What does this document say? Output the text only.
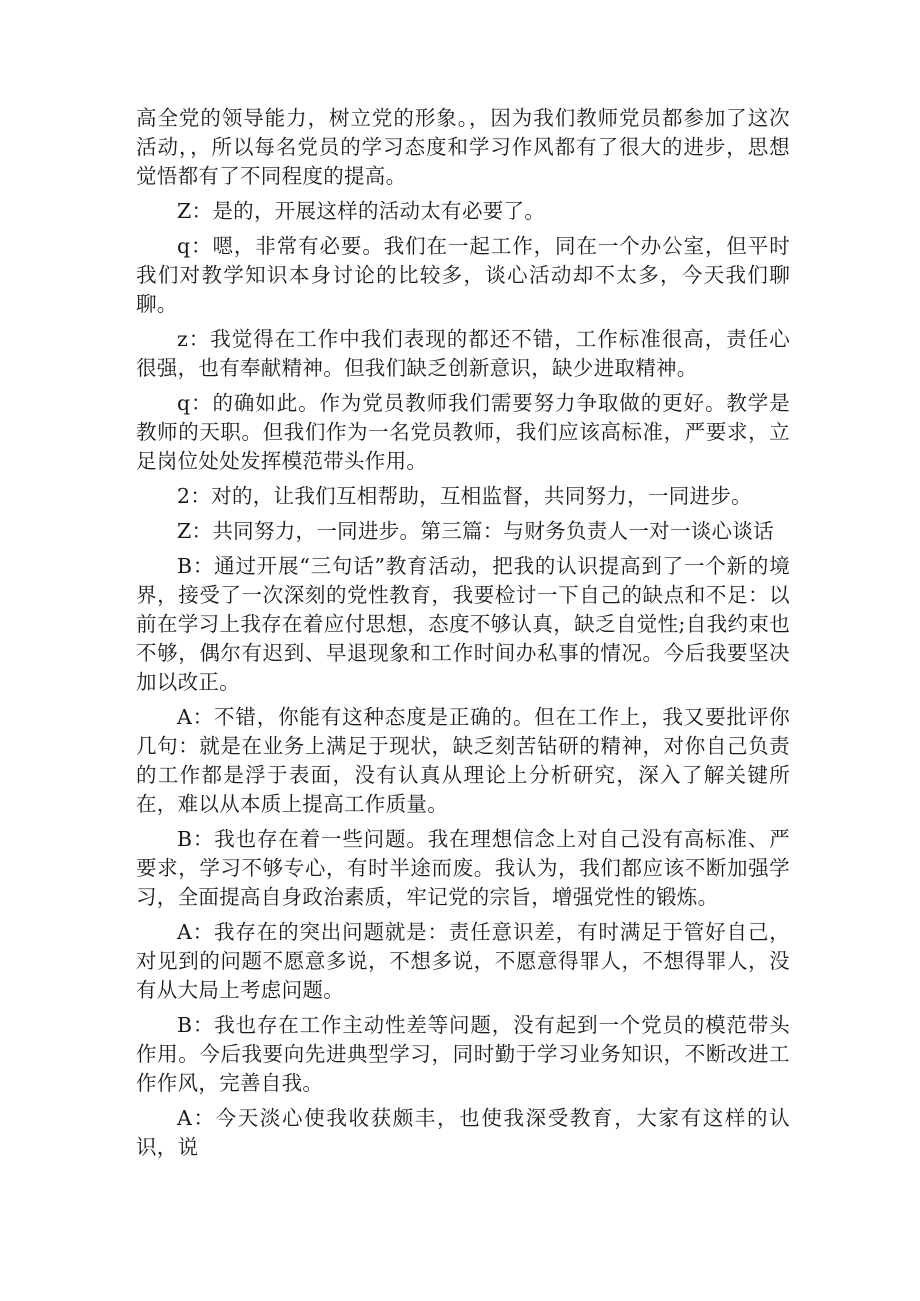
高全党的领导能力，树立党的形象。，因为我们教师党员都参加了这次活动，，所以每名党员的学习态度和学习作风都有了很大的进步，思想觉悟都有了不同程度的提高。

Z：是的，开展这样的活动太有必要了。

q：嗯，非常有必要。我们在一起工作，同在一个办公室，但平时我们对教学知识本身讨论的比较多，谈心活动却不太多，今天我们聊聊。

z：我觉得在工作中我们表现的都还不错，工作标准很高，责任心很强，也有奉献精神。但我们缺乏创新意识，缺少进取精神。

q：的确如此。作为党员教师我们需要努力争取做的更好。教学是教师的天职。但我们作为一名党员教师，我们应该高标准，严要求，立足岗位处处发挥模范带头作用。

2：对的，让我们互相帮助，互相监督，共同努力，一同进步。

Z：共同努力，一同进步。第三篇：与财务负责人一对一谈心谈话

B：通过开展“三句话”教育活动，把我的认识提高到了一个新的境界，接受了一次深刻的党性教育，我要检讨一下自己的缺点和不足：以前在学习上我存在着应付思想，态度不够认真，缺乏自觉性;自我约束也不够，偶尔有迟到、早退现象和工作时间办私事的情况。今后我要坚决加以改正。

A：不错，你能有这种态度是正确的。但在工作上，我又要批评你几句：就是在业务上满足于现状，缺乏刻苦钻研的精神，对你自己负责的工作都是浮于表面，没有认真从理论上分析研究，深入了解关键所在，难以从本质上提高工作质量。

B：我也存在着一些问题。我在理想信念上对自己没有高标准、严要求，学习不够专心，有时半途而废。我认为，我们都应该不断加强学习，全面提高自身政治素质，牢记党的宗旨，增强党性的锻炼。

A：我存在的突出问题就是：责任意识差，有时满足于管好自己，对见到的问题不愿意多说，不想多说，不愿意得罪人，不想得罪人，没有从大局上考虑问题。

B：我也存在工作主动性差等问题，没有起到一个党员的模范带头作用。今后我要向先进典型学习，同时勤于学习业务知识，不断改进工作作风，完善自我。

A：今天淡心使我收获颇丰，也使我深受教育，大家有这样的认识，说
